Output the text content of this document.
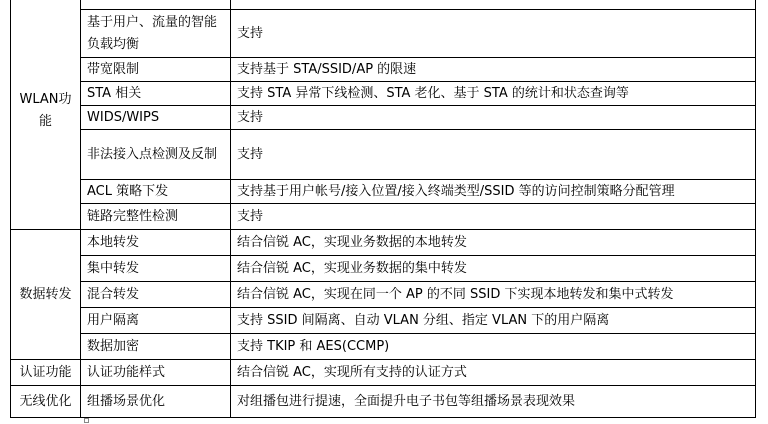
WLAN功能		
	基于用户、流量的智能负载均衡	支持
	带宽限制	支持基于 STA/SSID/AP 的限速
	STA 相关	支持 STA 异常下线检测、STA 老化、基于 STA 的统计和状态查询等
	WIDS/WIPS	支持
	非法接入点检测及反制	支持
	ACL 策略下发	支持基于用户帐号/接入位置/接入终端类型/SSID 等的访问控制策略分配管理
	链路完整性检测	支持
数据转发	本地转发	结合信锐 AC，实现业务数据的本地转发
	集中转发	结合信锐 AC，实现业务数据的集中转发
	混合转发	结合信锐 AC，实现在同一个 AP 的不同 SSID 下实现本地转发和集中式转发
	用户隔离	支持 SSID 间隔离、自动 VLAN 分组、指定 VLAN 下的用户隔离
	数据加密	支持 TKIP 和 AES(CCMP)
认证功能	认证功能样式	结合信锐 AC，实现所有支持的认证方式
无线优化	组播场景优化	对组播包进行提速，全面提升电子书包等组播场景表现效果
